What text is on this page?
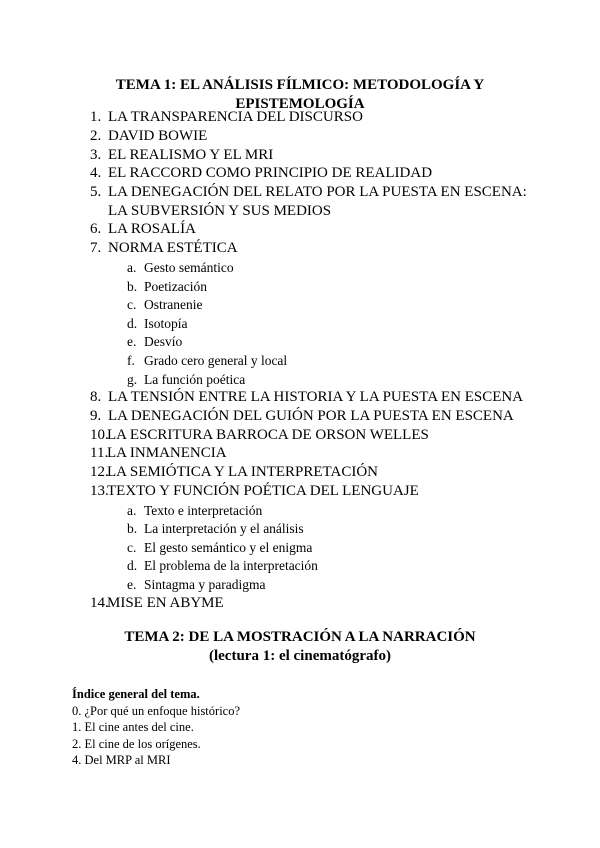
TEMA 1: EL ANÁLISIS FÍLMICO: METODOLOGÍA Y
EPISTEMOLOGÍA
1. LA TRANSPARENCIA DEL DISCURSO
2. DAVID BOWIE
3. EL REALISMO Y EL MRI
4. EL RACCORD COMO PRINCIPIO DE REALIDAD
5. LA DENEGACIÓN DEL RELATO POR LA PUESTA EN ESCENA:
LA SUBVERSIÓN Y SUS MEDIOS
6. LA ROSALÍA
7. NORMA ESTÉTICA
a. Gesto semántico
b. Poetización
c. Ostranenie
d. Isotopía
e. Desvío
f. Grado cero general y local
g. La función poética
8. LA TENSIÓN ENTRE LA HISTORIA Y LA PUESTA EN ESCENA
9. LA DENEGACIÓN DEL GUIÓN POR LA PUESTA EN ESCENA
10.LA ESCRITURA BARROCA DE ORSON WELLES
11.LA INMANENCIA
12.LA SEMIÓTICA Y LA INTERPRETACIÓN
13.TEXTO Y FUNCIÓN POÉTICA DEL LENGUAJE
a. Texto e interpretación
b. La interpretación y el análisis
c. El gesto semántico y el enigma
d. El problema de la interpretación
e. Sintagma y paradigma
14.MISE EN ABYME
TEMA 2: DE LA MOSTRACIÓN A LA NARRACIÓN
(lectura 1: el cinematógrafo)
Índice general del tema.
0. ¿Por qué un enfoque histórico?
1. El cine antes del cine.
2. El cine de los orígenes.
4. Del MRP al MRI
